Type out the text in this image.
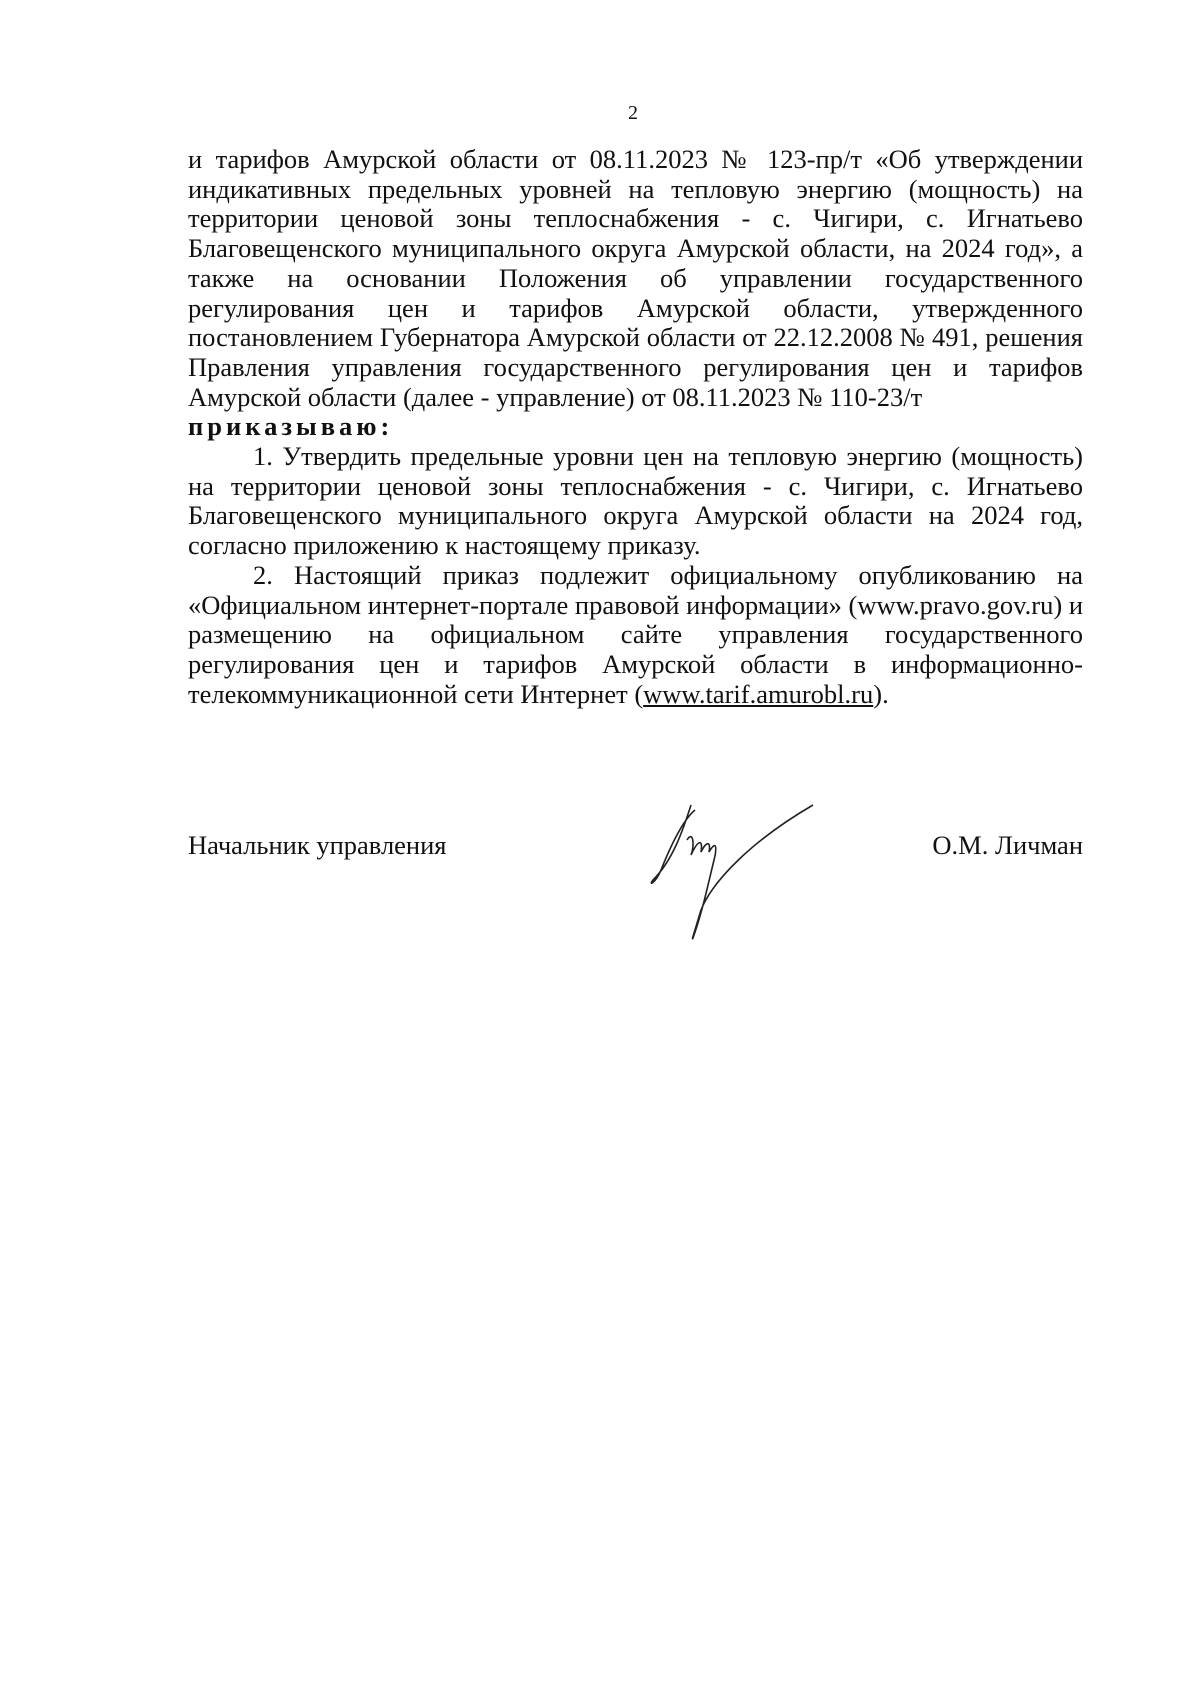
2

и тарифов Амурской области от 08.11.2023 № 123-пр/т «Об утверждении индикативных предельных уровней на тепловую энергию (мощность) на территории ценовой зоны теплоснабжения - с. Чигири, с. Игнатьево Благовещенского муниципального округа Амурской области, на 2024 год», а также на основании Положения об управлении государственного регулирования цен и тарифов Амурской области, утвержденного постановлением Губернатора Амурской области от 22.12.2008 № 491, решения Правления управления государственного регулирования цен и тарифов Амурской области (далее - управление) от 08.11.2023 № 110-23/т

приказываю:

1. Утвердить предельные уровни цен на тепловую энергию (мощность) на территории ценовой зоны теплоснабжения - с. Чигири, с. Игнатьево Благовещенского муниципального округа Амурской области на 2024 год, согласно приложению к настоящему приказу.

2. Настоящий приказ подлежит официальному опубликованию на «Официальном интернет-портале правовой информации» (www.pravo.gov.ru) и размещению на официальном сайте управления государственного регулирования цен и тарифов Амурской области в информационно-телекоммуникационной сети Интернет (www.tarif.amurobl.ru).

Начальник управления	О.М. Личман
